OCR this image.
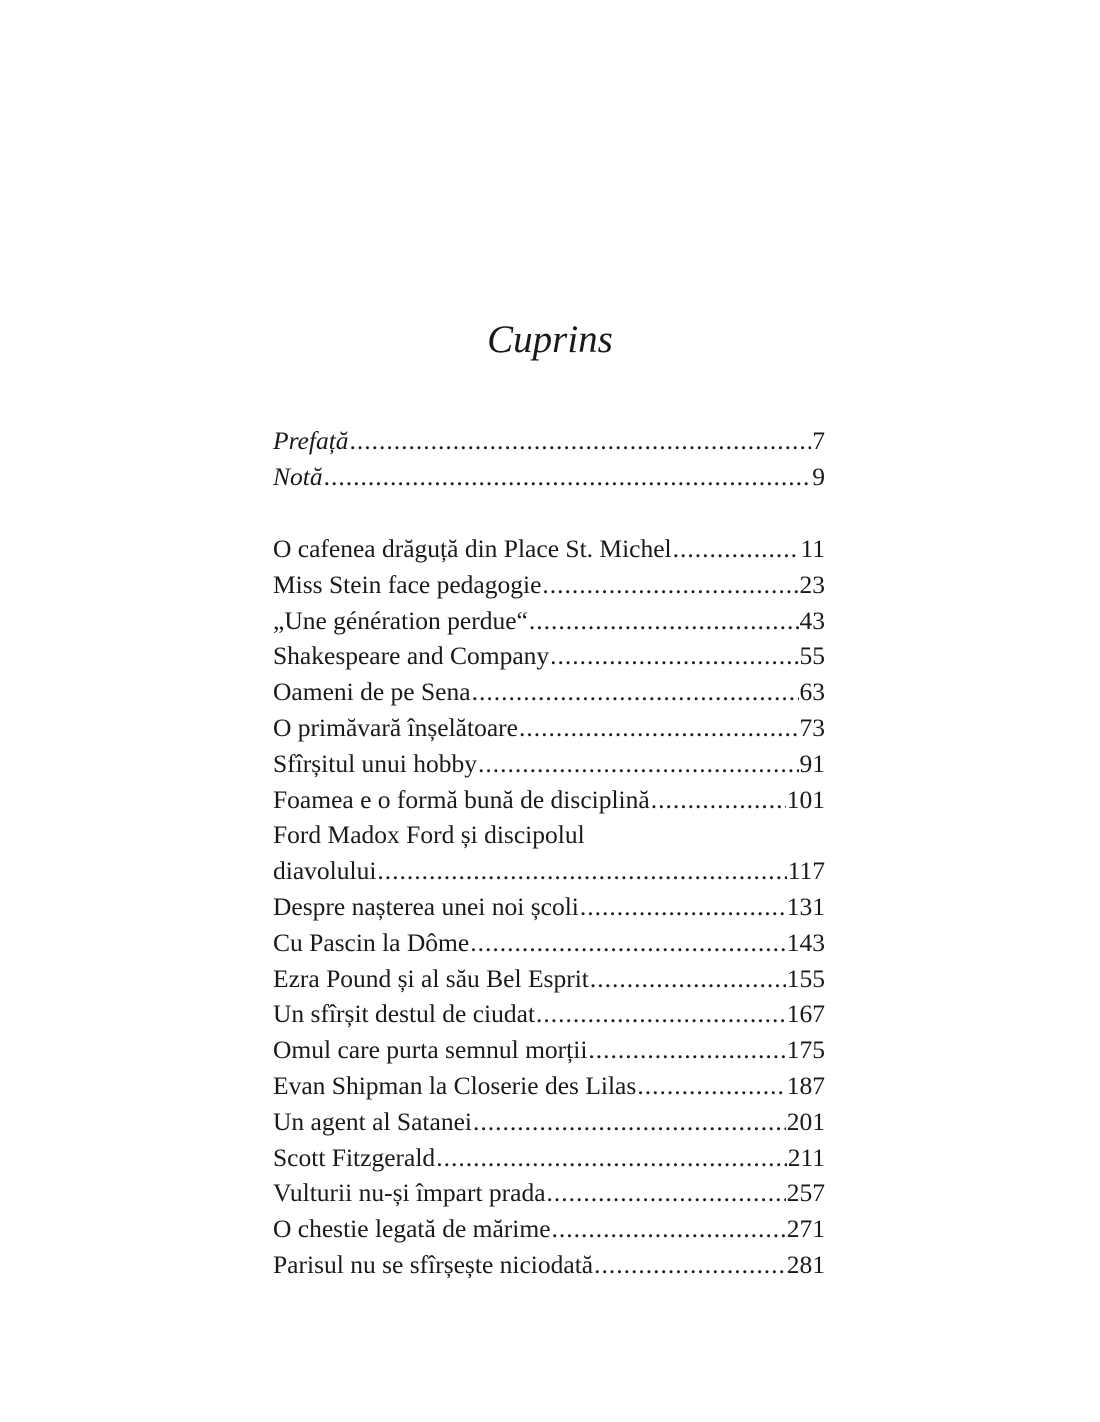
Cuprins
Prefață .....	7
Notă .....	9
O cafenea drăguță din Place St. Michel .....	11
Miss Stein face pedagogie .....	23
„Une génération perdue“ .....	43
Shakespeare and Company .....	55
Oameni de pe Sena .....	63
O primăvară înșelătoare .....	73
Sfîrșitul unui hobby .....	91
Foamea e o formă bună de disciplină .....	101
Ford Madox Ford și discipolul
diavolului .....	117
Despre nașterea unei noi școli .....	131
Cu Pascin la Dôme .....	143
Ezra Pound și al său Bel Esprit .....	155
Un sfîrșit destul de ciudat .....	167
Omul care purta semnul morții .....	175
Evan Shipman la Closerie des Lilas .....	187
Un agent al Satanei .....	201
Scott Fitzgerald .....	211
Vulturii nu-și împart prada .....	257
O chestie legată de mărime .....	271
Parisul nu se sfîrșește niciodată .....	281
